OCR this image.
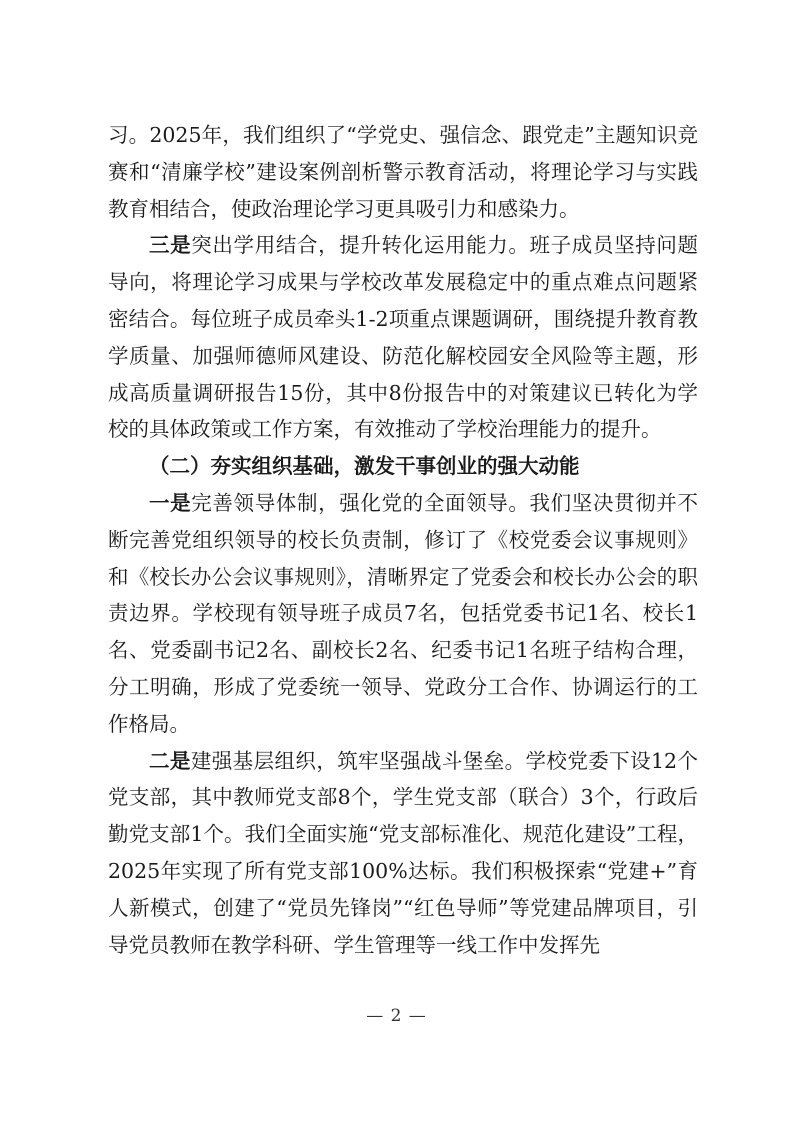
习。2025年，我们组织了“学党史、强信念、跟党走”主题知识竞赛和“清廉学校”建设案例剖析警示教育活动，将理论学习与实践教育相结合，使政治理论学习更具吸引力和感染力。

三是突出学用结合，提升转化运用能力。班子成员坚持问题导向，将理论学习成果与学校改革发展稳定中的重点难点问题紧密结合。每位班子成员牵头1-2项重点课题调研，围绕提升教育教学质量、加强师德师风建设、防范化解校园安全风险等主题，形成高质量调研报告15份，其中8份报告中的对策建议已转化为学校的具体政策或工作方案，有效推动了学校治理能力的提升。

（二）夯实组织基础，激发干事创业的强大动能

一是完善领导体制，强化党的全面领导。我们坚决贯彻并不断完善党组织领导的校长负责制，修订了《校党委会议事规则》和《校长办公会议事规则》，清晰界定了党委会和校长办公会的职责边界。学校现有领导班子成员7名，包括党委书记1名、校长1名、党委副书记2名、副校长2名、纪委书记1名班子结构合理，分工明确，形成了党委统一领导、党政分工合作、协调运行的工作格局。

二是建强基层组织，筑牢坚强战斗堡垒。学校党委下设12个党支部，其中教师党支部8个，学生党支部（联合）3个，行政后勤党支部1个。我们全面实施“党支部标准化、规范化建设”工程，2025年实现了所有党支部100%达标。我们积极探索“党建+”育人新模式，创建了“党员先锋岗”“红色导师”等党建品牌项目，引导党员教师在教学科研、学生管理等一线工作中发挥先

— 2 —
